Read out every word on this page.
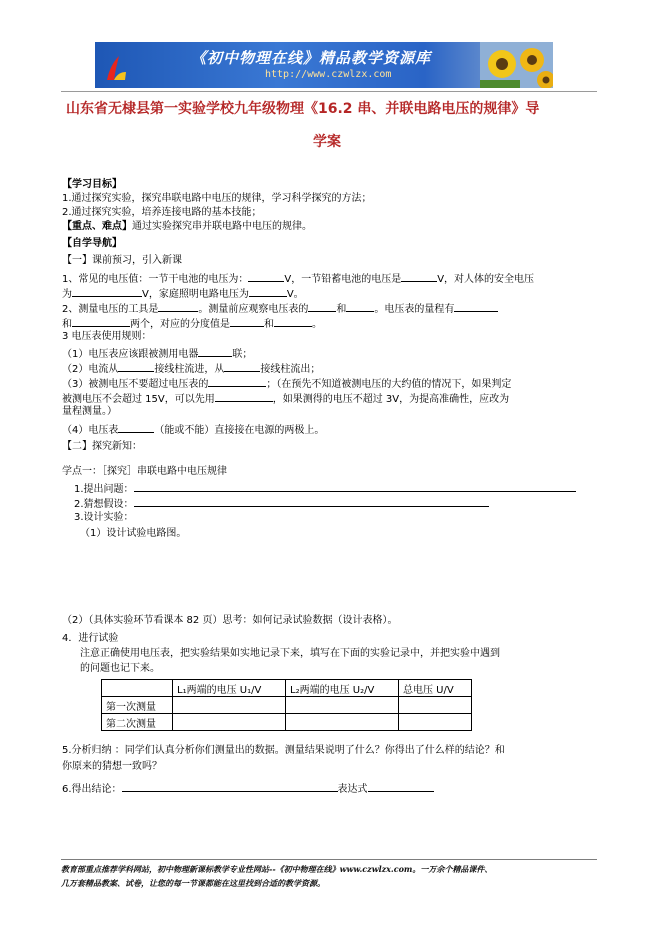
《初中物理在线》精品教学资源库
http://www.czwlzx.com
山东省无棣县第一实验学校九年级物理《16.2 串、并联电路电压的规律》导
学案
【学习目标】
1.通过探究实验，探究串联电路中电压的规律，学习科学探究的方法；
2.通过探究实验，培养连接电路的基本技能；
【重点、难点】通过实验探究串并联电路中电压的规律。
【自学导航】
【一】课前预习，引入新课
1、常见的电压值：一节干电池的电压为：	V，一节铅蓄电池的电压是	V，对人体的安全电压
为	V，家庭照明电路电压为	V。
2、测量电压的工具是	。测量前应观察电压表的	和	。电压表的量程有
和	两个，对应的分度值是	和	。
3 电压表使用规则：
（1）电压表应该跟被测用电器	联；
（2）电流从	接线柱流进，从	接线柱流出；
（3）被测电压不要超过电压表的	；（在预先不知道被测电压的大约值的情况下，如果判定
被测电压不会超过 15V，可以先用	，如果测得的电压不超过 3V，为提高准确性，应改为
量程测量。）
（4）电压表	（能或不能）直接接在电源的两极上。
【二】探究新知：
学点一：［探究］串联电路中电压规律
1.提出问题：
2.猜想假设：
3.设计实验：
（1）设计试验电路图。
（2）（具体实验环节看课本 82 页）思考：如何记录试验数据（设计表格）。
4．进行试验
注意正确使用电压表，把实验结果如实地记录下来，填写在下面的实验记录中，并把实验中遇到
的问题也记下来。
	L₁两端的电压 U₁/V	L₂两端的电压 U₂/V	总电压 U/V
第一次测量			
第二次测量			
5.分析归纳 ：同学们认真分析你们测量出的数据。测量结果说明了什么？你得出了什么样的结论？和
你原来的猜想一致吗？
6.得出结论：	表达式
教育部重点推荐学科网站，初中物理新课标教学专业性网站--《初中物理在线》www.czwlzx.com。一万余个精品课件、
几万套精品教案、试卷，让您的每一节课都能在这里找到合适的教学资源。
